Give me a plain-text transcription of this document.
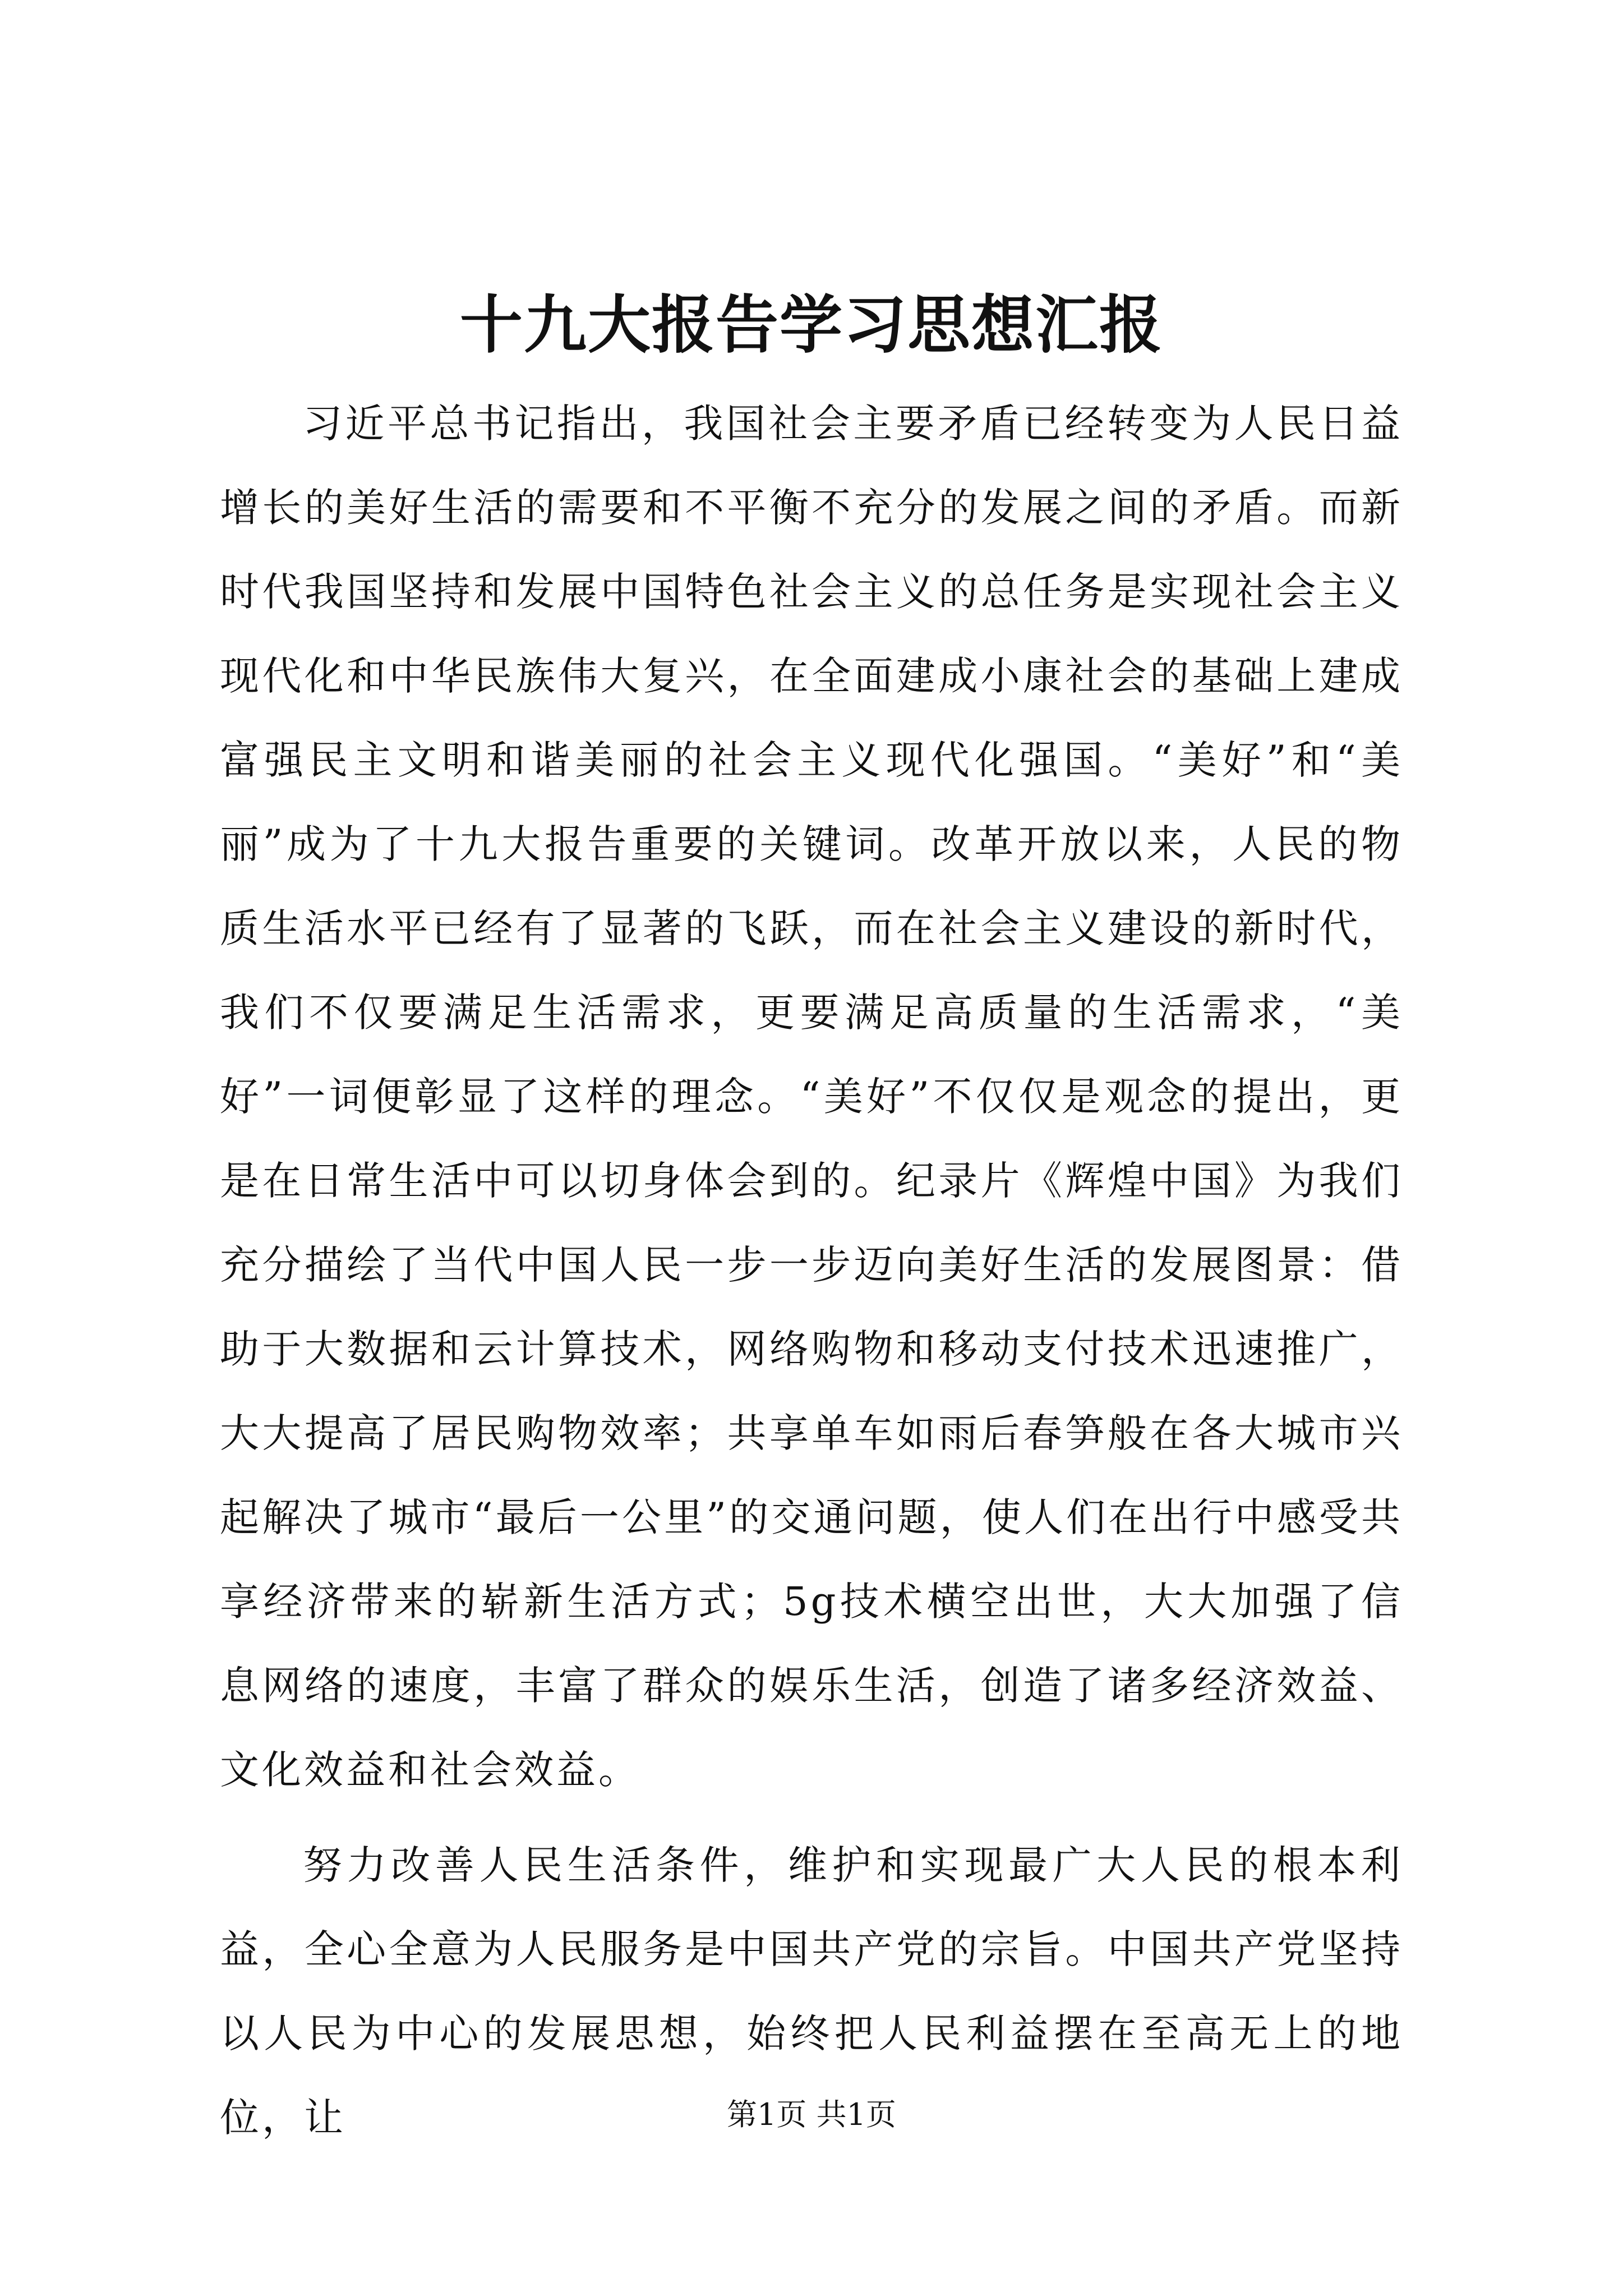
十九大报告学习思想汇报

习近平总书记指出，我国社会主要矛盾已经转变为人民日益增长的美好生活的需要和不平衡不充分的发展之间的矛盾。而新时代我国坚持和发展中国特色社会主义的总任务是实现社会主义现代化和中华民族伟大复兴，在全面建成小康社会的基础上建成富强民主文明和谐美丽的社会主义现代化强国。“美好”和“美丽”成为了十九大报告重要的关键词。改革开放以来，人民的物质生活水平已经有了显著的飞跃，而在社会主义建设的新时代，我们不仅要满足生活需求，更要满足高质量的生活需求，“美好”一词便彰显了这样的理念。“美好”不仅仅是观念的提出，更是在日常生活中可以切身体会到的。纪录片《辉煌中国》为我们充分描绘了当代中国人民一步一步迈向美好生活的发展图景：借助于大数据和云计算技术，网络购物和移动支付技术迅速推广，大大提高了居民购物效率；共享单车如雨后春笋般在各大城市兴起解决了城市“最后一公里”的交通问题，使人们在出行中感受共享经济带来的崭新生活方式；5g技术横空出世，大大加强了信息网络的速度，丰富了群众的娱乐生活，创造了诸多经济效益、文化效益和社会效益。

努力改善人民生活条件，维护和实现最广大人民的根本利益，全心全意为人民服务是中国共产党的宗旨。中国共产党坚持以人民为中心的发展思想，始终把人民利益摆在至高无上的地位，让	第1页 共1页
